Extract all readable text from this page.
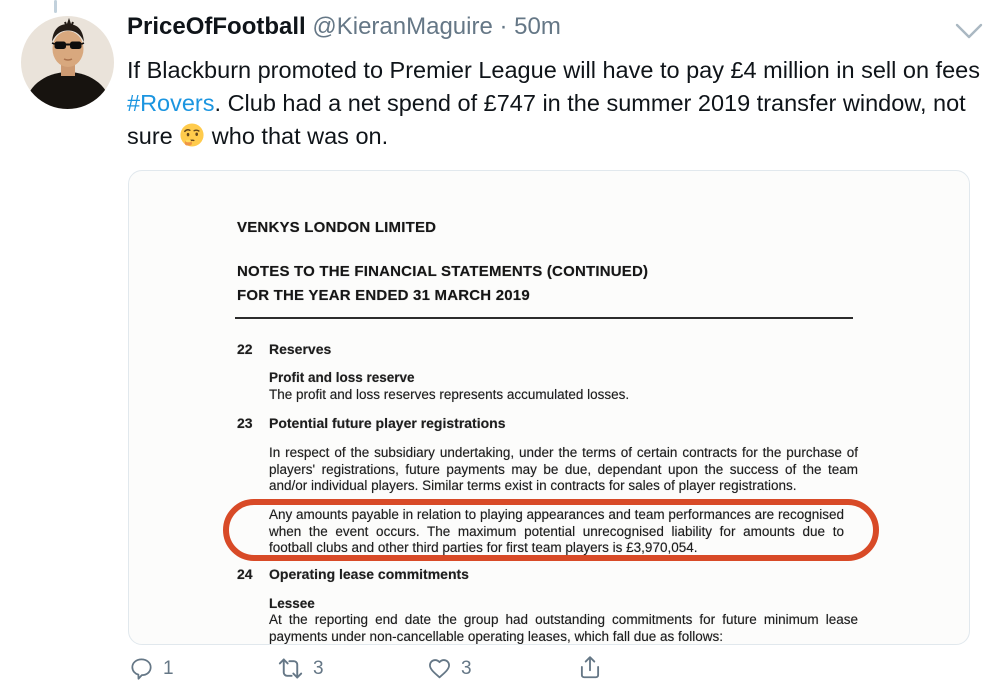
PriceOfFootball @KieranMaguire · 50m
If Blackburn promoted to Premier League will have to pay £4 million in sell on fees #Rovers. Club had a net spend of £747 in the summer 2019 transfer window, not sure  who that was on.
VENKYS LONDON LIMITED
NOTES TO THE FINANCIAL STATEMENTS (CONTINUED)
FOR THE YEAR ENDED 31 MARCH 2019
22 Reserves
Profit and loss reserve
The profit and loss reserves represents accumulated losses.
23 Potential future player registrations
In respect of the subsidiary undertaking, under the terms of certain contracts for the purchase of players' registrations, future payments may be due, dependant upon the success of the team and/or individual players. Similar terms exist in contracts for sales of player registrations.
Any amounts payable in relation to playing appearances and team performances are recognised when the event occurs. The maximum potential unrecognised liability for amounts due to football clubs and other third parties for first team players is £3,970,054.
24 Operating lease commitments
Lessee
At the reporting end date the group had outstanding commitments for future minimum lease payments under non-cancellable operating leases, which fall due as follows:
1	3	3
